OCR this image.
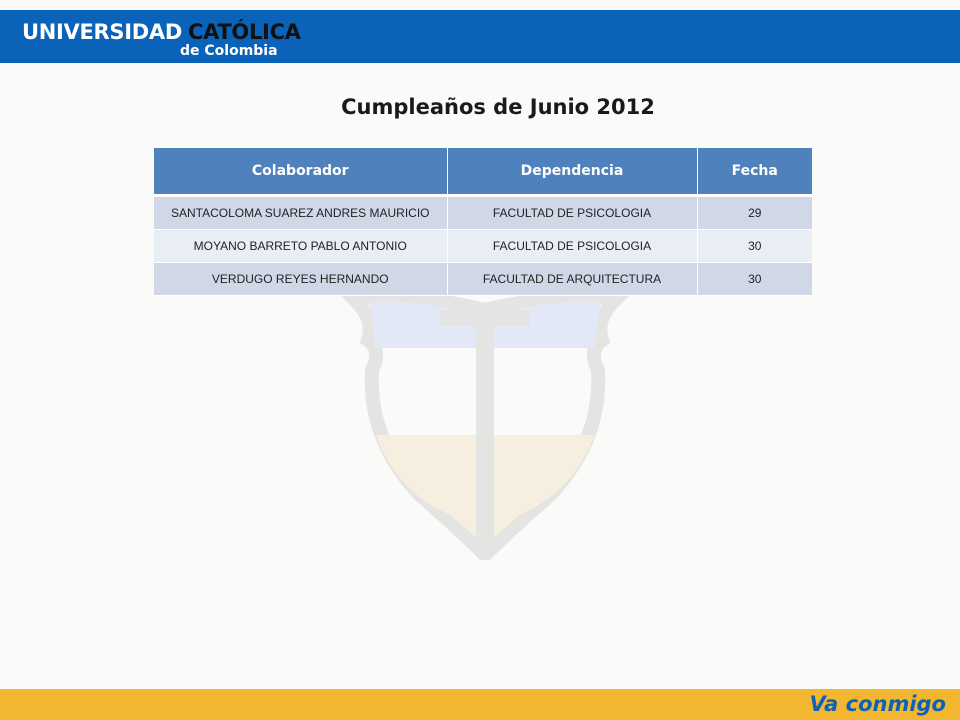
UNIVERSIDAD CATÓLICA
de Colombia
Cumpleaños de Junio 2012
Colaborador	Dependencia	Fecha
SANTACOLOMA SUAREZ ANDRES MAURICIO	FACULTAD DE PSICOLOGIA	29
MOYANO BARRETO PABLO ANTONIO	FACULTAD DE PSICOLOGIA	30
VERDUGO REYES HERNANDO	FACULTAD DE ARQUITECTURA	30
Va conmigo
